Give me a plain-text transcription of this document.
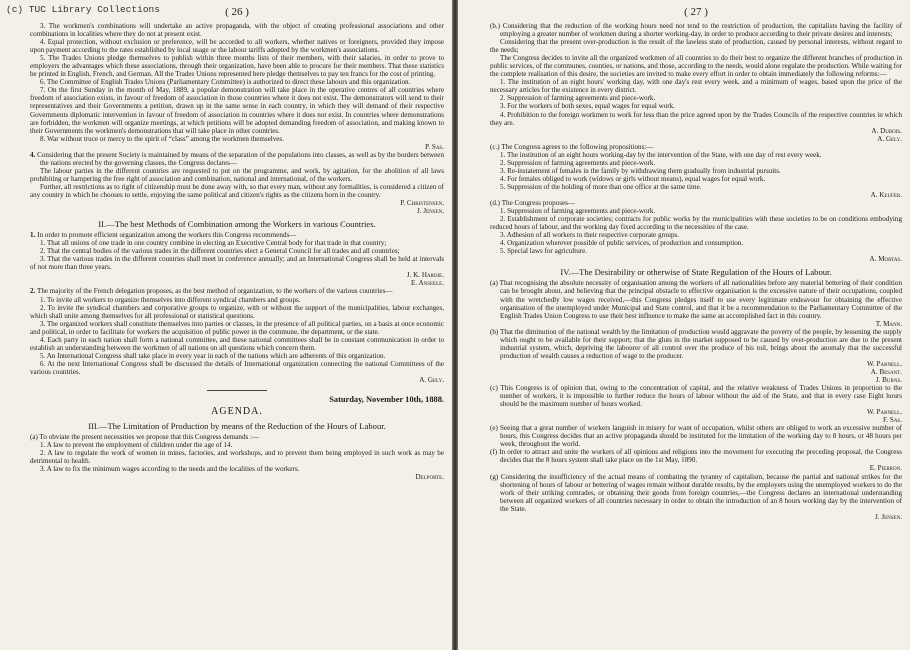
(c) TUC Library Collections	( 26 )

3. The workmen's combinations will undertake an active propaganda, with the object of creating professional associations and other combinations in localities where they do not at present exist.

4. Equal protection, without exclusion or preference, will be accorded to all workers, whether natives or foreigners, provided they impose upon payment according to the rates established by local usage or the labour tariffs adopted by the workmen's associations.

5. The Trades Unions pledge themselves to publish within three months lists of their members, with their salaries, in order to prove to employers the advantages which these associations, through their organization, have been able to procure for their members. That these statistics be printed in English, French, and German. All the Trades Unions represented here pledge themselves to pay ten francs for the cost of printing.

6. The Committee of English Trades Unions (Parliamentary Committee) is authorized to direct these labours and this organization.

7. On the first Sunday in the month of May, 1889, a popular demonstration will take place in the operative centres of all countries where freedom of association exists, in favour of freedom of association in those countries where it does not exist. The demonstrators will send to their representatives and their Governments a petition, drawn up in the same sense in each country, in which they will demand of their respective Governments diplomatic intervention in favour of freedom of association in countries where it does not exist. In countries where demonstrations are forbidden, the workmen will organize meetings, at which petitions will be adopted demanding freedom of association, and making known to their Governments the workmen's demonstrations that will take place in other countries.

8. War without truce or mercy to the spirit of “class” among the workmen themselves.

P. Sas.

4. Considering that the present Society is maintained by means of the separation of the populations into classes, as well as by the borders between the nations erected by the governing classes, the Congress declares—

The labour parties in the different countries are requested to put on the programme, and work, by agitation, for the abolition of all laws prohibiting or hampering the free right of association and combination, national and international, of the workers.

Further, all restrictions as to right of citizenship must be done away with, so that every man, without any formalities, is considered a citizen of any country in which he chooses to settle, enjoying the same political and citizen's rights as the citizens born in the country.

P. Christensen.

J. Jensen.

II.—The best Methods of Combination among the Workers in various Countries.

1. In order to promote efficient organization among the workers this Congress recommends—

1. That all unions of one trade in one country combine in electing an Executive Central body for that trade in that country;

2. That the central bodies of the various trades in the different countries elect a General Council for all trades and all countries;

3. That the various trades in the different countries shall meet in conference annually; and an International Congress shall be held at intervals of not more than three years.

J. K. Hardie.

E. Anseele.

2. The majority of the French delegation proposes, as the best method of organization, to the workers of the various countries—

1. To invite all workers to organize themselves into different syndical chambers and groups.

2. To invite the syndical chambers and corporative groups to organize, with or without the support of the municipalities, labour exchanges, which shall unite among themselves for all professional or statistical questions.

3. The organized workers shall constitute themselves into parties or classes, in the presence of all political parties, on a basis at once economic and political, in order to facilitate for workers the acquisition of public power in the commune, the department, or the state.

4. Each party in each nation shall form a national committee, and these national committees shall be in constant communication in order to establish an understanding between the workmen of all nations on all questions which concern them.

5. An International Congress shall take place in every year in each of the nations which are adherents of this organization.

6. At the next International Congress shall be discussed the details of International organization connecting the national Committees of the various countries.

A. Gely.

Saturday, November 10th, 1888.
AGENDA.
III.—The Limitation of Production by means of the Reduction of the Hours of Labour.

(a) To obviate the present necessities we propose that this Congress demands :—

1. A law to prevent the employment of children under the age of 14.

2. A law to regulate the work of women in mines, factories, and workshops, and to prevent them being employed in such work as may be detrimental to health.

3. A law to fix the minimum wages according to the needs and the localities of the workers.

Delporte.

( 27 )

(b.) Considering that the reduction of the working hours need not tend to the restriction of production, the capitalists having the facility of employing a greater number of workmen during a shorter working-day, in order to produce according to their private desires and interests;

Considering that the present over-production is the result of the lawless state of production, caused by personal interests, without regard to the needs;

The Congress decides to invite all the organized workmen of all countries to do their best to organize the different branches of production in public services, of the communes, counties, or nations, and those, according to the needs, would alone regulate the production. While waiting for the complete realisation of this desire, the societies are invited to make every effort in order to obtain immediately the following reforms:—

1. The institution of an eight hours' working day, with one day's rest every week, and a minimum of wages, based upon the price of the necessary articles for the existence in every district.

2. Suppression of farming agreements and piece-work.

3. For the workers of both sexes, equal wages for equal work.

4. Prohibition to the foreign workmen to work for less than the price agreed upon by the Trades Councils of the respective countries in which they are.

A. Dubois.

A. Gely.

(c.) The Congress agrees to the following propositions:—

1. The institution of an eight hours working-day by the intervention of the State, with one day of rest every week.

2. Suppression of farming agreements and piece-work.

3. Re-instatement of females in the family by withdrawing them gradually from industrial pursuits.

4. For females obliged to work (widows or girls without means), equal wages for equal work.

5. Suppression of the holding of more than one office at the same time.

A. Keufer.

(d.) The Congress proposes—

1. Suppression of farming agreements and piece-work.

2. Establishment of corporate societies; contracts for public works by the municipalities with these societies to be on conditions embodying reduced hours of labour, and the working day fixed according to the necessities of the case.

3. Adhesion of all workers to their respective corporate groups.

4. Organization wherever possible of public services, of production and consumption.

5. Special laws for agriculture.

A. Mortas.

IV.—The Desirability or otherwise of State Regulation of the Hours of Labour.

(a) That recognising the absolute necessity of organisation among the workers of all nationalities before any material bettering of their condition can be brought about, and believing that the principal obstacle to effective organisation is the excessive nature of their occupations, coupled with the wretchedly low wages received,—this Congress pledges itself to use every legitimate endeavour for obtaining the effective organisation of the unemployed under Municipal and State control, and that it be a recommendation to the Parliamentary Committee of the English Trades Union Congress to use their best influence to make the same an accomplished fact in this country.

T. Mann.

(b) That the diminution of the national wealth by the limitation of production would aggravate the poverty of the people, by lessening the supply which ought to be available for their support; that the gluts in the market supposed to be caused by over-production are due to the present industrial system, which, depriving the labourer of all control over the produce of his toil, brings about the anomaly that the successful production of wealth causes a reduction of wage to the producer.

W. Parnell.

A. Besant.

J. Burns.

(c) This Congress is of opinion that, owing to the concentration of capital, and the relative weakness of Trades Unions in proportion to the number of workers, it is impossible to further reduce the hours of labour without the aid of the State, and that in every case Eight hours should be the maximum number of hours worked.

W. Parnell.

F. Sas.

(e) Seeing that a great number of workers languish in misery for want of occupation, whilst others are obliged to work an excessive number of hours, this Congress decides that an active propaganda should be instituted for the limitation of the working day to 8 hours, or 48 hours per week, throughout the world.

(f) In order to attract and unite the workers of all opinions and religions into the movement for executing the preceding proposal, the Congress decides that the 8 hours system shall take place on the 1st May, 1890.

E. Pierron.

(g) Considering the insufficiency of the actual means of combating the tyranny of capitalism, because the partial and national strikes for the shortening of hours of labour or bettering of wages remain without durable results, by the employers using the unemployed workers to do the work of their striking comrades, or obtaining their goods from foreign countries,—the Congress declares an international understanding between all organized workers of all countries necessary in order to obtain the introduction of an 8 hours working day by the intervention of the State.

J. Jensen.
